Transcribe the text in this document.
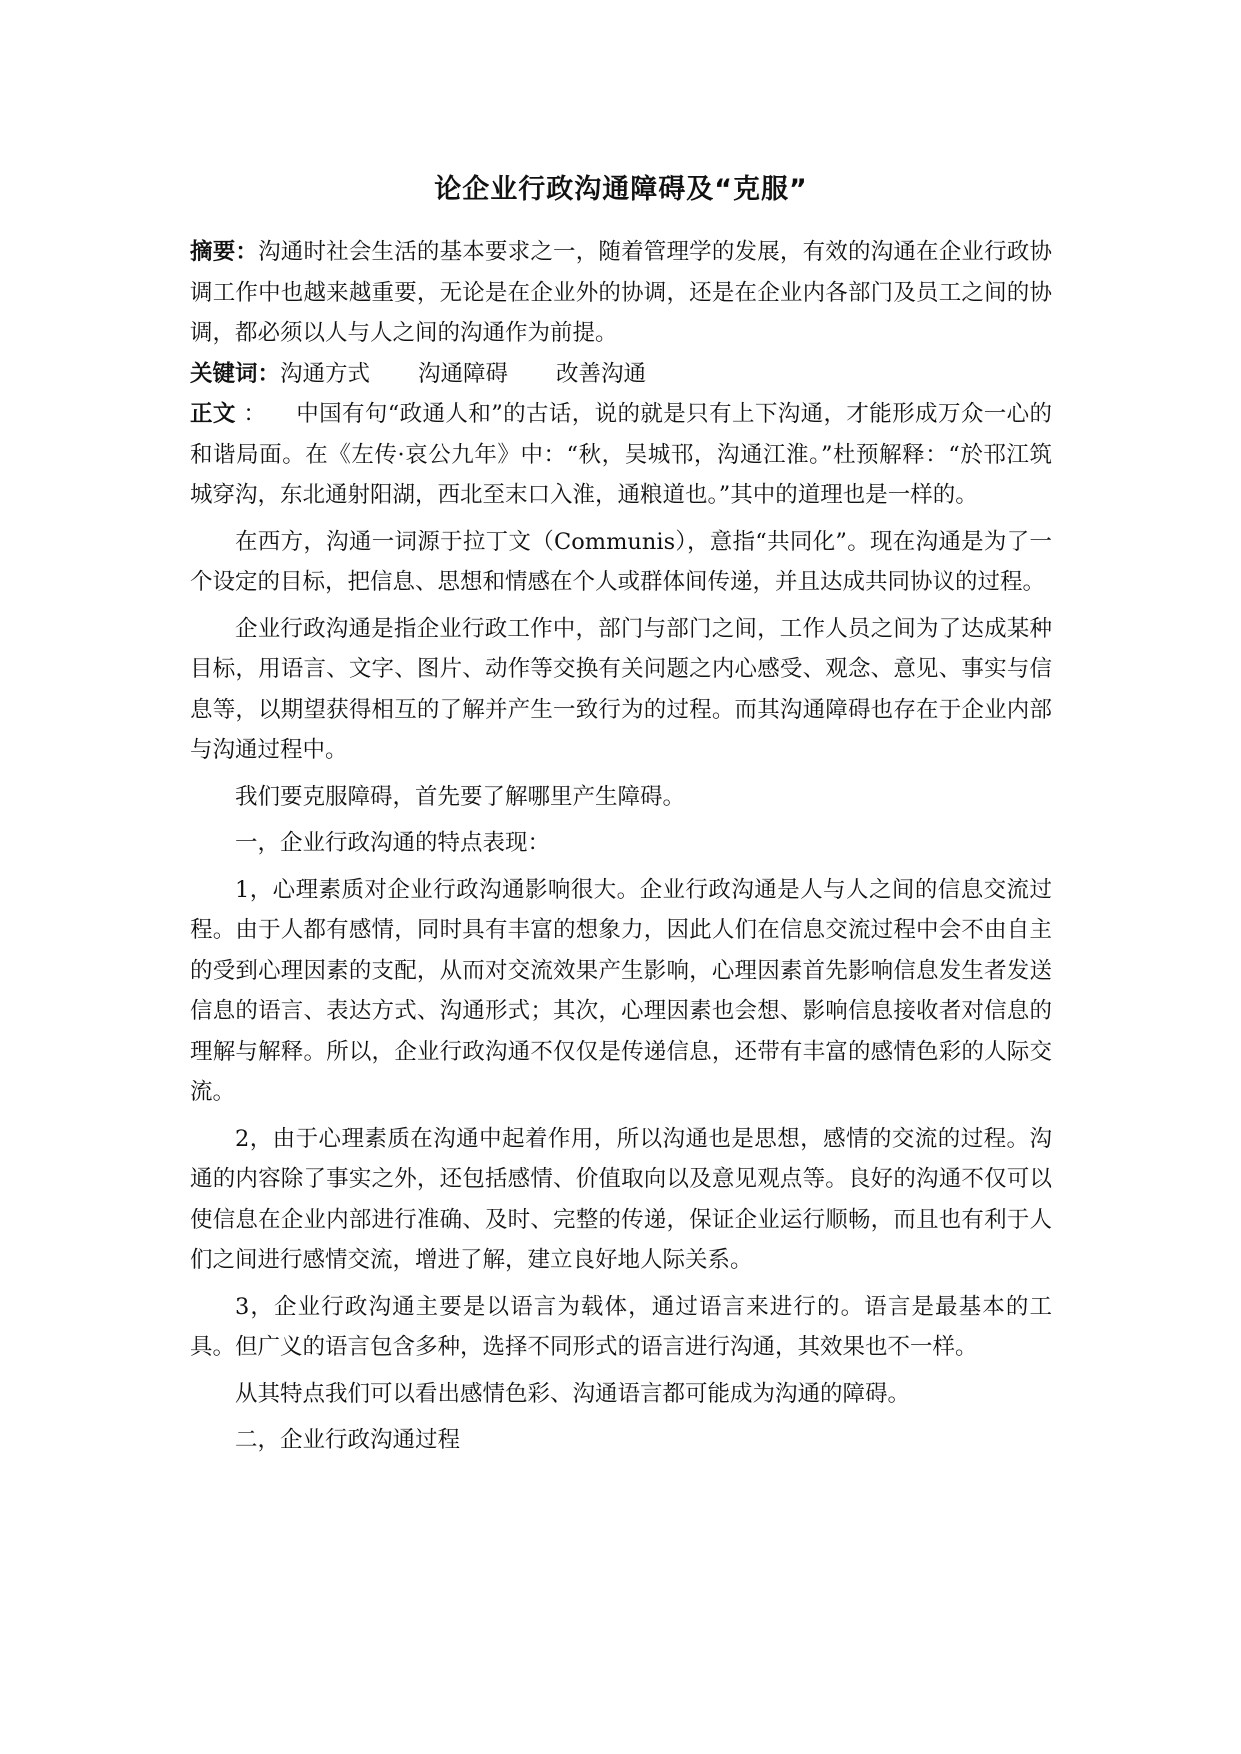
论企业行政沟通障碍及“克服”

摘要：沟通时社会生活的基本要求之一，随着管理学的发展，有效的沟通在企业行政协调工作中也越来越重要，无论是在企业外的协调，还是在企业内各部门及员工之间的协调，都必须以人与人之间的沟通作为前提。

关键词：沟通方式 沟通障碍 改善沟通

正文 ： 中国有句“政通人和”的古话，说的就是只有上下沟通，才能形成万众一心的和谐局面。在《左传·哀公九年》中：“秋，吴城邗，沟通江淮。”杜预解释：“於邗江筑城穿沟，东北通射阳湖，西北至末口入淮，通粮道也。”其中的道理也是一样的。

在西方，沟通一词源于拉丁文（Communis），意指“共同化”。现在沟通是为了一个设定的目标，把信息、思想和情感在个人或群体间传递，并且达成共同协议的过程。

企业行政沟通是指企业行政工作中，部门与部门之间，工作人员之间为了达成某种目标，用语言、文字、图片、动作等交换有关问题之内心感受、观念、意见、事实与信息等，以期望获得相互的了解并产生一致行为的过程。而其沟通障碍也存在于企业内部与沟通过程中。

我们要克服障碍，首先要了解哪里产生障碍。

一，企业行政沟通的特点表现：

1，心理素质对企业行政沟通影响很大。企业行政沟通是人与人之间的信息交流过程。由于人都有感情，同时具有丰富的想象力，因此人们在信息交流过程中会不由自主的受到心理因素的支配，从而对交流效果产生影响，心理因素首先影响信息发生者发送信息的语言、表达方式、沟通形式；其次，心理因素也会想、影响信息接收者对信息的理解与解释。所以，企业行政沟通不仅仅是传递信息，还带有丰富的感情色彩的人际交流。

2，由于心理素质在沟通中起着作用，所以沟通也是思想，感情的交流的过程。沟通的内容除了事实之外，还包括感情、价值取向以及意见观点等。良好的沟通不仅可以使信息在企业内部进行准确、及时、完整的传递，保证企业运行顺畅，而且也有利于人们之间进行感情交流，增进了解，建立良好地人际关系。

3，企业行政沟通主要是以语言为载体，通过语言来进行的。语言是最基本的工具。但广义的语言包含多种，选择不同形式的语言进行沟通，其效果也不一样。

从其特点我们可以看出感情色彩、沟通语言都可能成为沟通的障碍。

二，企业行政沟通过程
